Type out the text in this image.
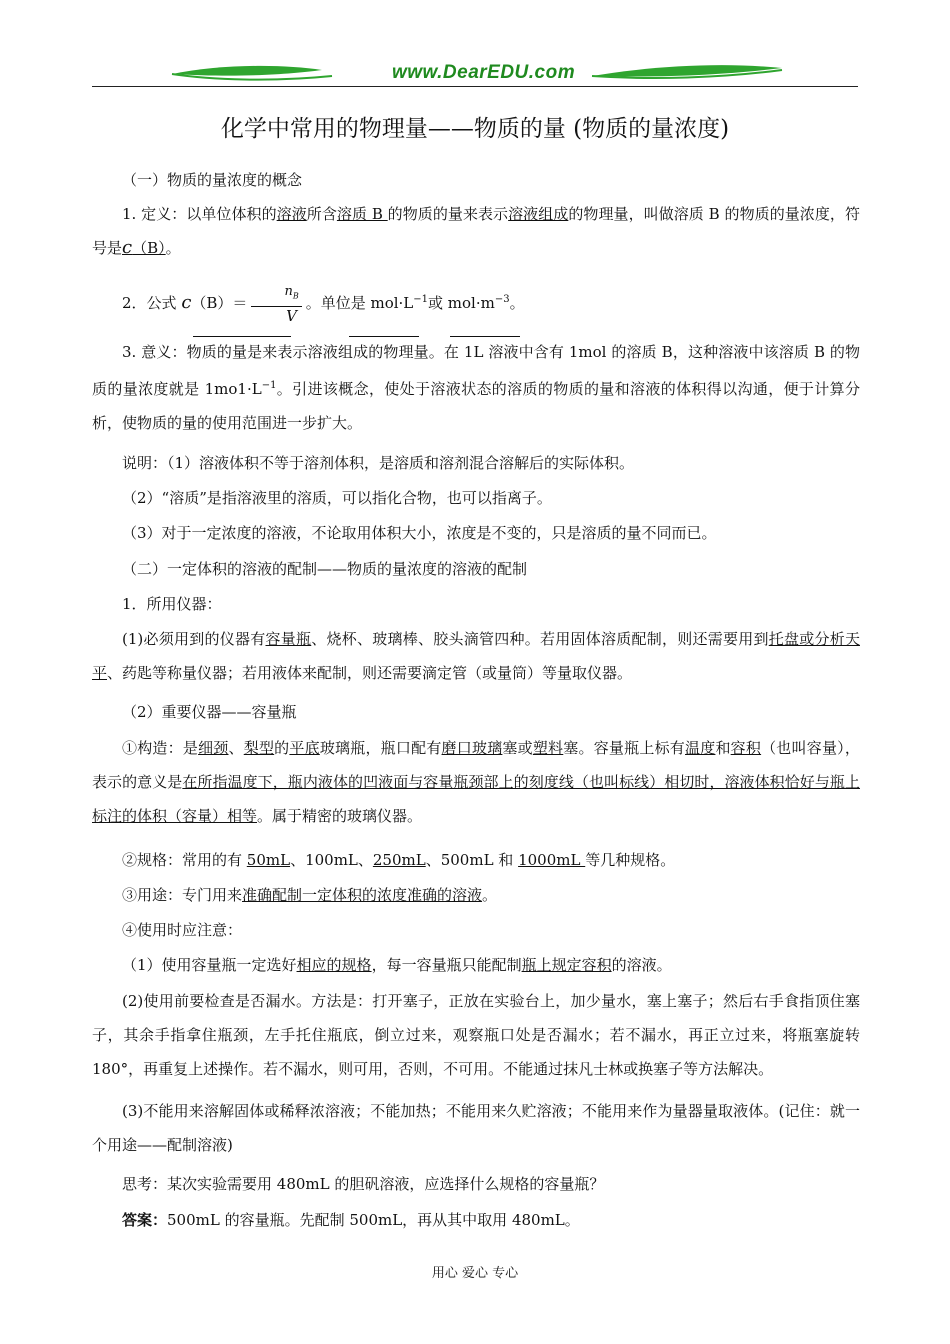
www.DearEDU.com
化学中常用的物理量——物质的量 (物质的量浓度)
（一）物质的量浓度的概念
1. 定义：以单位体积的溶液所含溶质 B 的物质的量来表示溶液组成的物理量，叫做溶质 B 的物质的量浓度，符号是c（B）。
2．公式 $c(B)= \frac{n_B}{V}$ 。单位是 $mol\cdot L^{-1}$或 $mol\cdot m^{-3}$。
3. 意义：物质的量是来表示溶液组成的物理量。在 1L 溶液中含有 1mol 的溶质 B，这种溶液中该溶质 B 的物质的量浓度就是 $1mo1\cdot L^{-1}$。引进该概念，使处于溶液状态的溶质的物质的量和溶液的体积得以沟通，便于计算分析，使物质的量的使用范围进一步扩大。
说明：（1）溶液体积不等于溶剂体积，是溶质和溶剂混合溶解后的实际体积。
（2）“溶质”是指溶液里的溶质，可以指化合物，也可以指离子。
（3）对于一定浓度的溶液，不论取用体积大小，浓度是不变的，只是溶质的量不同而已。
（二）一定体积的溶液的配制——物质的量浓度的溶液的配制
1．所用仪器：
(1)必须用到的仪器有容量瓶、烧杯、玻璃棒、胶头滴管四种。若用固体溶质配制，则还需要用到托盘或分析天平、药匙等称量仪器；若用液体来配制，则还需要滴定管（或量筒）等量取仪器。
（2）重要仪器——容量瓶
①构造：是细颈、梨型的平底玻璃瓶，瓶口配有磨口玻璃塞或塑料塞。容量瓶上标有温度和容积（也叫容量），表示的意义是在所指温度下，瓶内液体的凹液面与容量瓶颈部上的刻度线（也叫标线）相切时，溶液体积恰好与瓶上标注的体积（容量）相等。属于精密的玻璃仪器。
②规格：常用的有 50mL、100mL、250mL、500mL 和 1000mL 等几种规格。
③用途：专门用来准确配制一定体积的浓度准确的溶液。
④使用时应注意：
（1）使用容量瓶一定选好相应的规格，每一容量瓶只能配制瓶上规定容积的溶液。
(2)使用前要检查是否漏水。方法是：打开塞子，正放在实验台上，加少量水，塞上塞子；然后右手食指顶住塞子，其余手指拿住瓶颈，左手托住瓶底，倒立过来，观察瓶口处是否漏水；若不漏水，再正立过来，将瓶塞旋转 180°，再重复上述操作。若不漏水，则可用，否则，不可用。不能通过抹凡士林或换塞子等方法解决。
(3)不能用来溶解固体或稀释浓溶液；不能加热；不能用来久贮溶液；不能用来作为量器量取液体。(记住：就一个用途——配制溶液)
思考：某次实验需要用 480mL 的胆矾溶液，应选择什么规格的容量瓶？
答案：500mL 的容量瓶。先配制 500mL，再从其中取用 480mL。
用心 爱心 专心
